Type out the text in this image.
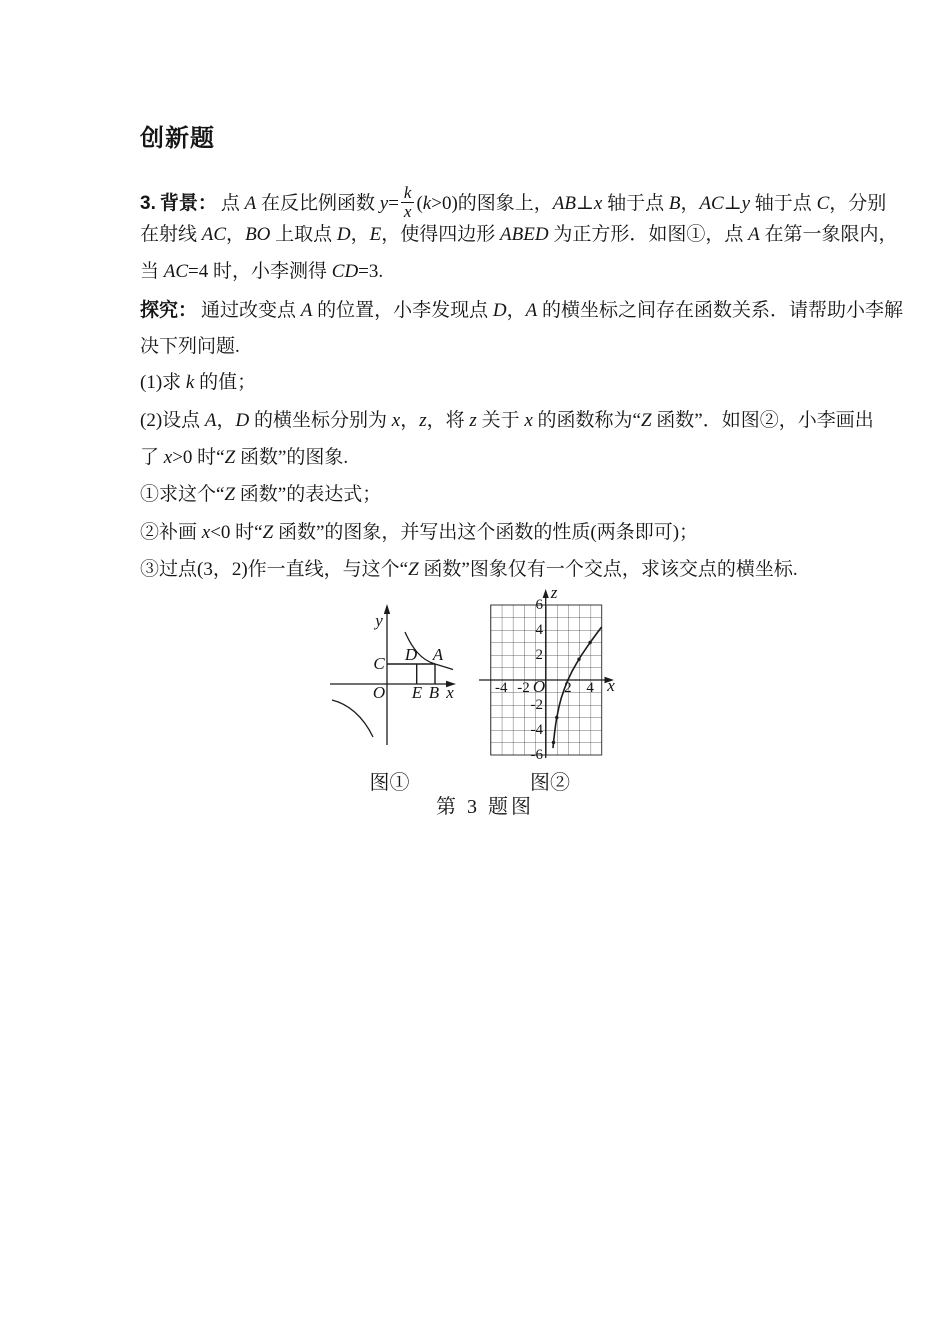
创新题
3. 背景： 点 A 在反比例函数 $y= \frac{k}{x} (k>0)$的图象上，AB⊥x 轴于点 B，AC⊥y 轴于点 C，分别
在射线 AC，BO 上取点 D，E，使得四边形 ABED 为正方形．如图①，点 A 在第一象限内，
当 AC=4 时，小李测得 CD=3.
探究： 通过改变点 A 的位置，小李发现点 D，A 的横坐标之间存在函数关系．请帮助小李解
决下列问题.
(1)求 k 的值；
(2)设点 A，D 的横坐标分别为 x，z，将 z 关于 x 的函数称为“Z 函数”．如图②，小李画出
了 x>0 时“Z 函数”的图象.
①求这个“Z 函数”的表达式；
②补画 x<0 时“Z 函数”的图象，并写出这个函数的性质(两条即可)；
③过点(3，2)作一直线，与这个“Z 函数”图象仅有一个交点，求该交点的横坐标.
y
x
O
C D A
E B
z
x
O
6
4
2
-2
-4
-6
-4 -2 2 4
图①	图②
第 3 题图
